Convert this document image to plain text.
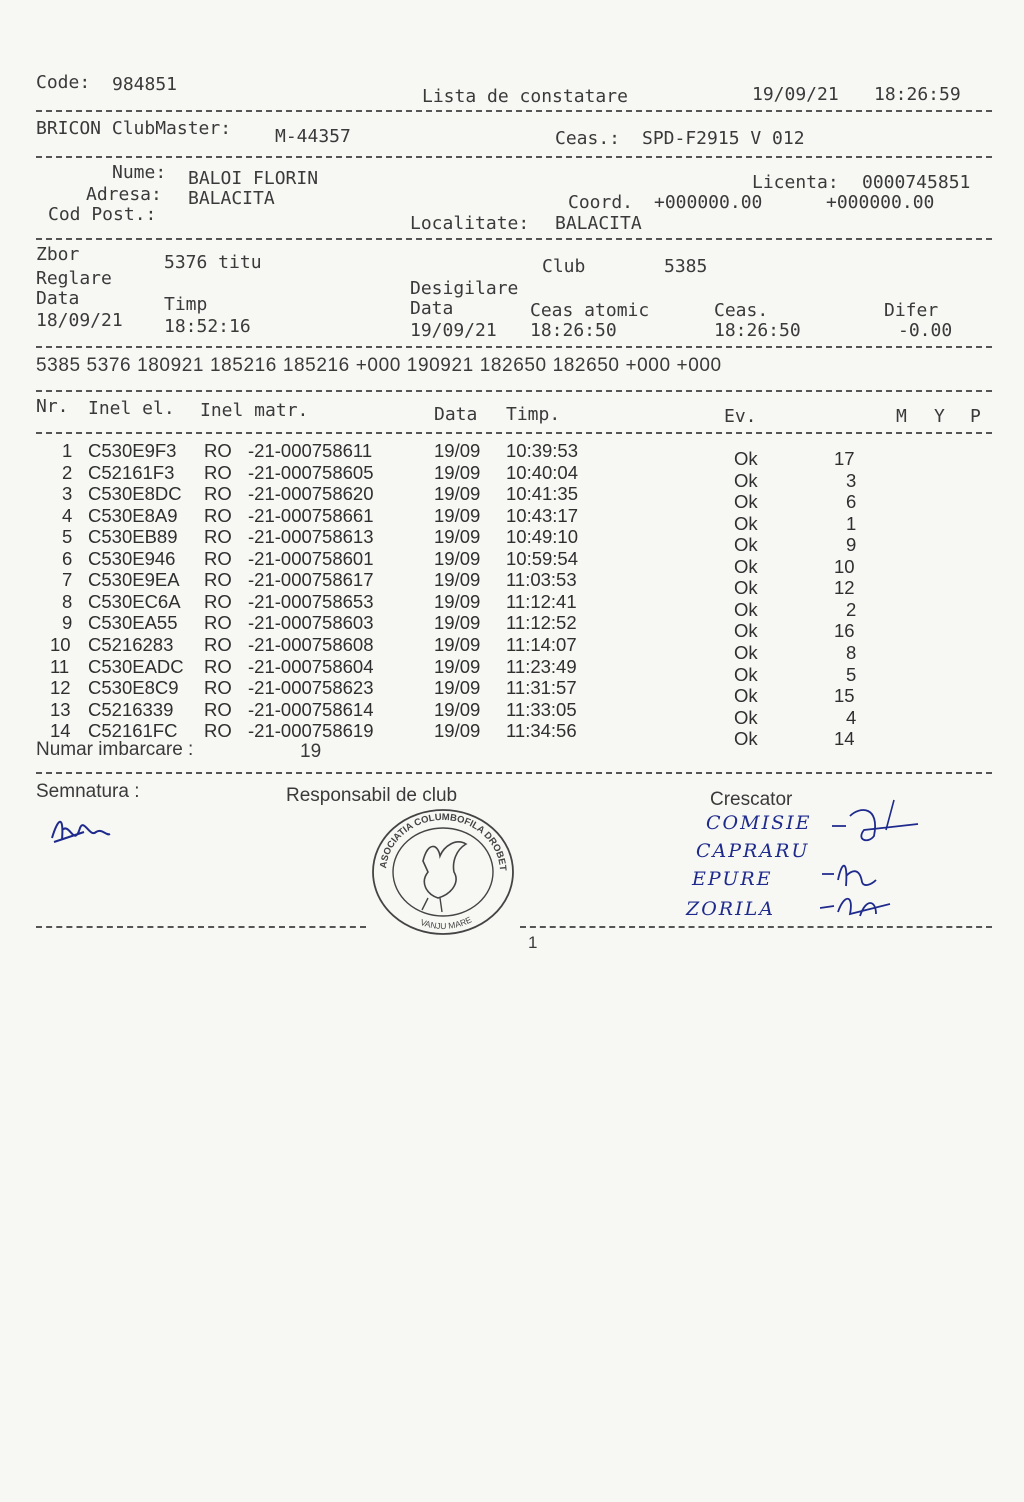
Code: 984851
Lista de constatare	19/09/21 18:26:59
BRICON ClubMaster: M-44357	Ceas.: SPD-F2915 V 012
Nume: BALOI FLORIN
Adresa: BALACITA
Cod Post.:
Licenta: 0000745851
Coord. +000000.00	+000000.00
Localitate: BALACITA
Zbor	5376 titu	Club	5385
Reglare	Desigilare
Data	Timp	Data	Ceas atomic	Ceas.	Difer
18/09/21 18:52:16	19/09/21 18:26:50	18:26:50	-0.00
5385 5376 180921 185216 185216 +000 190921 182650 182650 +000 +000
Nr. Inel el. Inel matr.	Data Timp.	Ev.	M Y P
1 C530E9F3 RO -21-000758611	19/09 10:39:53	Ok	17
2 C52161F3 RO -21-000758605	19/09 10:40:04	Ok	3
3 C530E8DC RO -21-000758620	19/09 10:41:35	Ok	6
4 C530E8A9 RO -21-000758661	19/09 10:43:17	Ok	1
5 C530EB89 RO -21-000758613	19/09 10:49:10	Ok	9
6 C530E946 RO -21-000758601	19/09 10:59:54	Ok	10
7 C530E9EA RO -21-000758617	19/09 11:03:53	Ok	12
8 C530EC6A RO -21-000758653	19/09 11:12:41	Ok	2
9 C530EA55 RO -21-000758603	19/09 11:12:52	Ok	16
10 C5216283 RO -21-000758608	19/09 11:14:07	Ok	8
11 C530EADC RO -21-000758604	19/09 11:23:49	Ok	5
12 C530E8C9 RO -21-000758623	19/09 11:31:57	Ok	15
13 C5216339 RO -21-000758614	19/09 11:33:05	Ok	4
14 C52161FC RO -21-000758619	19/09 11:34:56	Ok	14
Numar imbarcare :	19
Semnatura :	Responsabil de club	Crescator
ASOCIATIA COLUMBOFILA DROBET
VANJU MARE
COMISIE
CAPRARU
EPURE
ZORILA
1
